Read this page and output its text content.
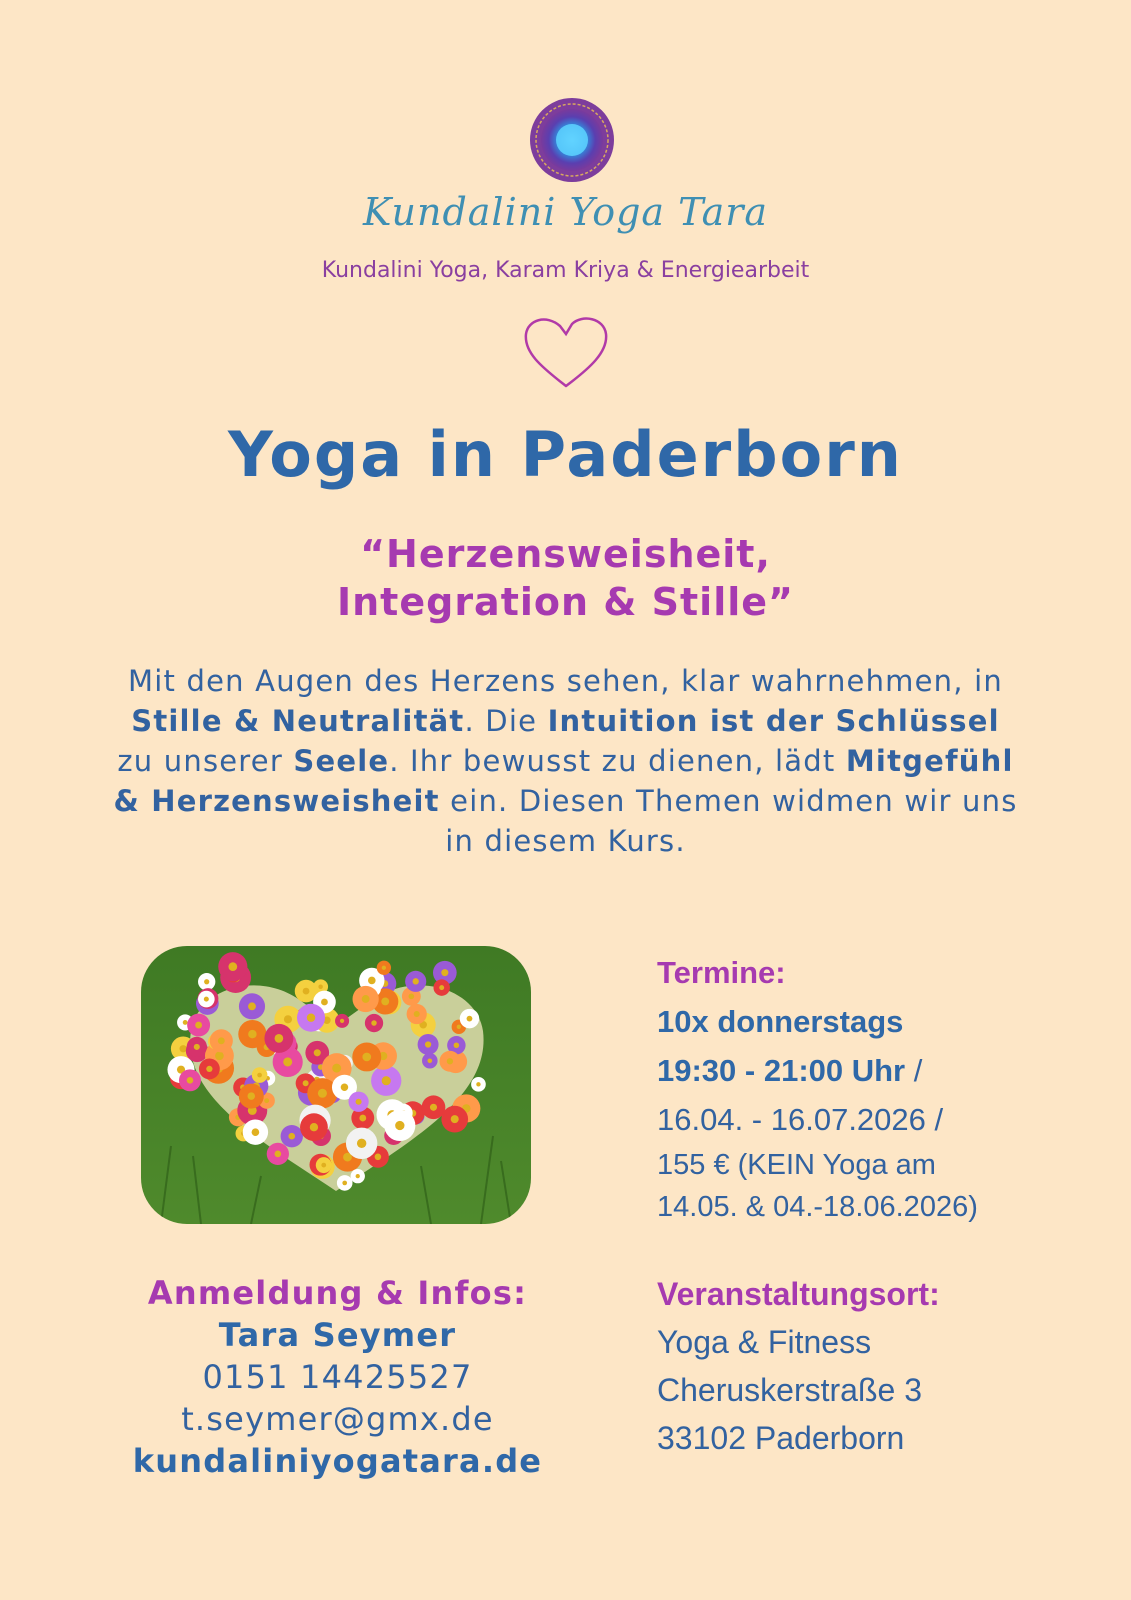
Kundalini Yoga Tara
Kundalini Yoga, Karam Kriya & Energiearbeit
Yoga in Paderborn
“Herzensweisheit,
Integration & Stille”
Mit den Augen des Herzens sehen, klar wahrnehmen, in Stille & Neutralität. Die Intuition ist der Schlüssel zu unserer Seele. Ihr bewusst zu dienen, lädt Mitgefühl & Herzensweisheit ein. Diesen Themen widmen wir uns in diesem Kurs.
Termine:
10x donnerstags
19:30 - 21:00 Uhr /
16.04. - 16.07.2026 /
155 € (KEIN Yoga am
14.05. & 04.-18.06.2026)
Veranstaltungsort:
Yoga & Fitness
Cheruskerstraße 3
33102 Paderborn
Anmeldung & Infos:
Tara Seymer
0151 14425527
t.seymer@gmx.de
kundaliniyogatara.de
